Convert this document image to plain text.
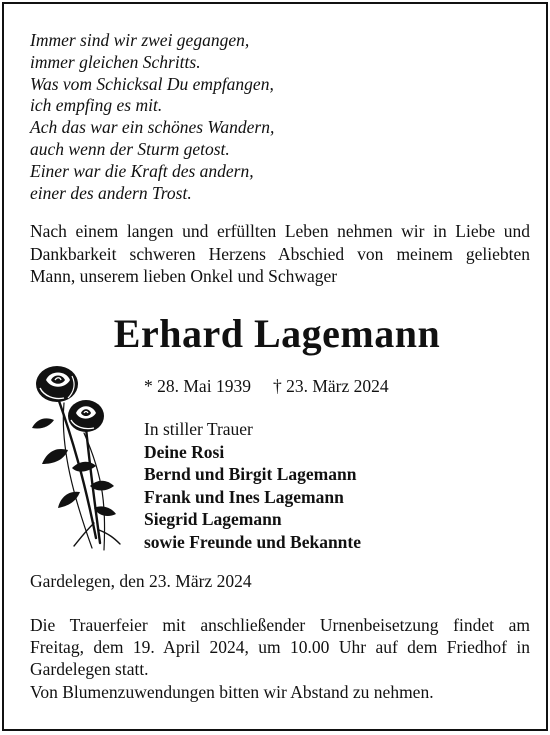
Immer sind wir zwei gegangen,
immer gleichen Schritts.
Was vom Schicksal Du empfangen,
ich empfing es mit.
Ach das war ein schönes Wandern,
auch wenn der Sturm getost.
Einer war die Kraft des andern,
einer des andern Trost.
Nach einem langen und erfüllten Leben nehmen wir in Liebe und
Dankbarkeit schweren Herzens Abschied von meinem geliebten
Mann, unserem lieben Onkel und Schwager
Erhard Lagemann
* 28. Mai 1939 † 23. März 2024
In stiller Trauer
Deine Rosi
Bernd und Birgit Lagemann
Frank und Ines Lagemann
Siegrid Lagemann
sowie Freunde und Bekannte
Gardelegen, den 23. März 2024
Die Trauerfeier mit anschließender Urnenbeisetzung findet am
Freitag, dem 19. April 2024, um 10.00 Uhr auf dem Friedhof in
Gardelegen statt.
Von Blumenzuwendungen bitten wir Abstand zu nehmen.
